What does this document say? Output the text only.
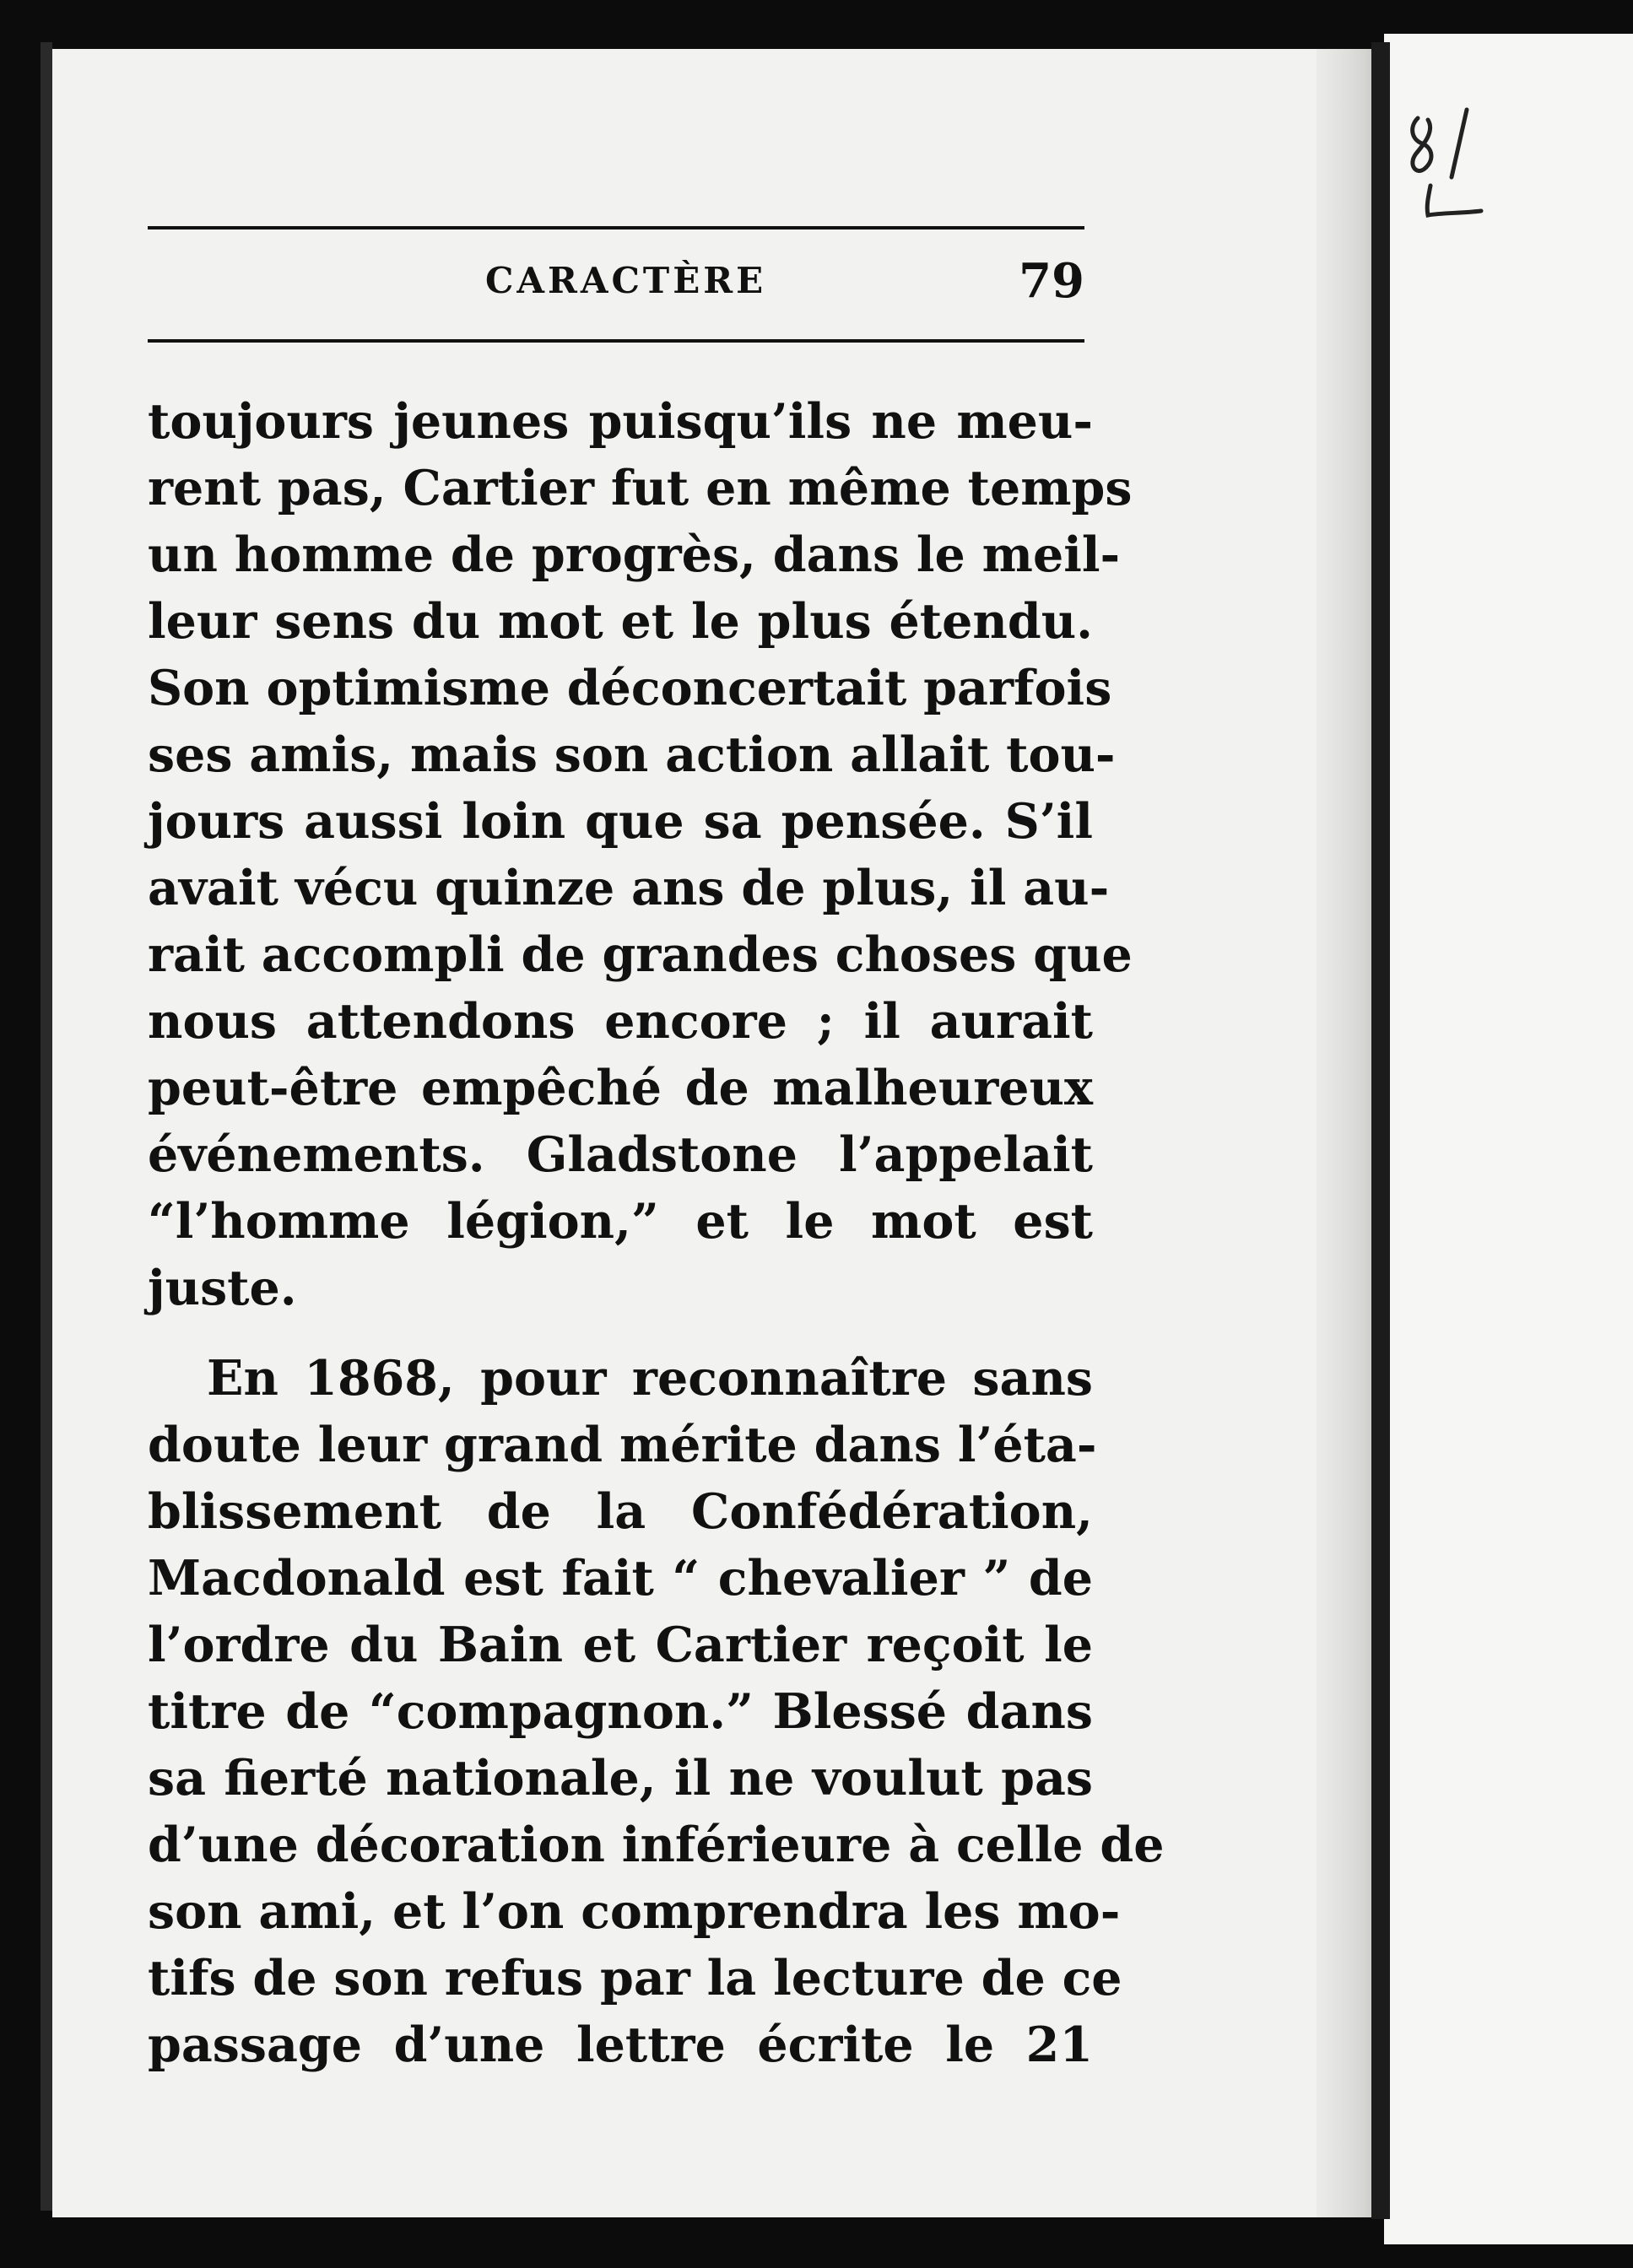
CARACTÈRE	79
toujours jeunes puisqu’ils ne meu-
rent pas, Cartier fut en même temps
un homme de progrès, dans le meil-
leur sens du mot et le plus étendu.
Son optimisme déconcertait parfois
ses amis, mais son action allait tou-
jours aussi loin que sa pensée. S’il
avait vécu quinze ans de plus, il au-
rait accompli de grandes choses que
nous attendons encore ; il aurait
peut-être empêché de malheureux
événements. Gladstone l’appelait
“l’homme légion,” et le mot est
juste.
En 1868, pour reconnaître sans
doute leur grand mérite dans l’éta-
blissement de la Confédération,
Macdonald est fait “ chevalier ” de
l’ordre du Bain et Cartier reçoit le
titre de “compagnon.” Blessé dans
sa fierté nationale, il ne voulut pas
d’une décoration inférieure à celle de
son ami, et l’on comprendra les mo-
tifs de son refus par la lecture de ce
passage d’une lettre écrite le 21
